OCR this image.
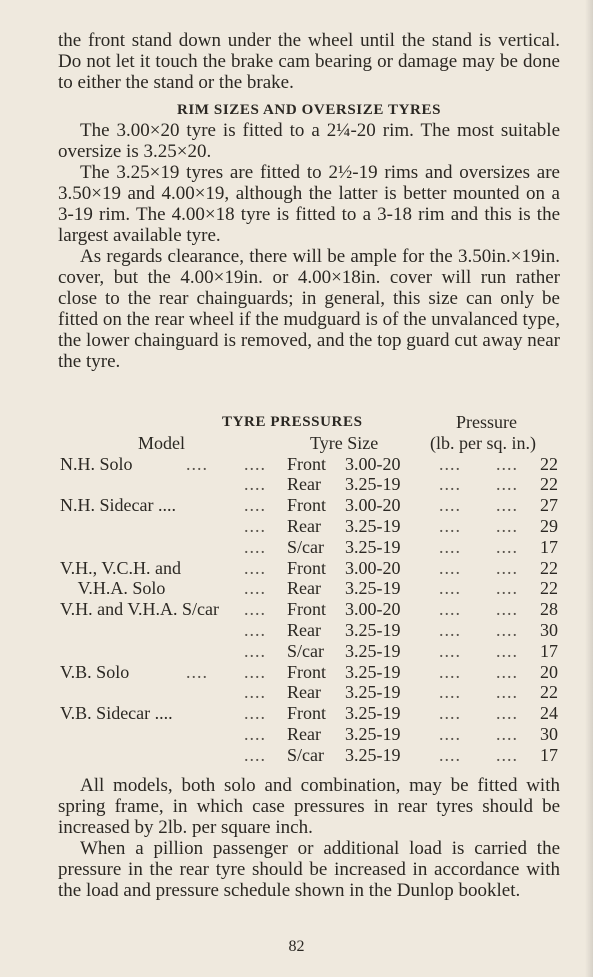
the front stand down under the wheel until the stand is vertical. Do not let it touch the brake cam bearing or damage may be done to either the stand or the brake.

RIM SIZES AND OVERSIZE TYRES

The 3.00×20 tyre is fitted to a 2¼-20 rim. The most suitable oversize is 3.25×20.

The 3.25×19 tyres are fitted to 2½-19 rims and oversizes are 3.50×19 and 4.00×19, although the latter is better mounted on a 3-19 rim. The 4.00×18 tyre is fitted to a 3-18 rim and this is the largest available tyre.

As regards clearance, there will be ample for the 3.50in.×19in. cover, but the 4.00×19in. or 4.00×18in. cover will run rather close to the rear chainguards; in general, this size can only be fitted on the rear wheel if the mudguard is of the unvalanced type, the lower chainguard is removed, and the top guard cut away near the tyre.

TYRE PRESSURES	Pressure
Model	Tyre Size	(lb. per sq. in.)
N.H. Solo	.... .... Front 3.00-20 .... .... 22
.... Rear 3.25-19 .... .... 22
N.H. Sidecar ....	.... Front 3.00-20 .... .... 27
.... Rear 3.25-19 .... .... 29
.... S/car 3.25-19 .... .... 17
V.H., V.C.H. and	.... Front 3.00-20 .... .... 22
V.H.A. Solo	.... Rear 3.25-19 .... .... 22
V.H. and V.H.A. S/car .... Front 3.00-20 .... .... 28
.... Rear 3.25-19 .... .... 30
.... S/car 3.25-19 .... .... 17
V.B. Solo	.... .... Front 3.25-19 .... .... 20
.... Rear 3.25-19 .... .... 22
V.B. Sidecar ....	.... Front 3.25-19 .... .... 24
.... Rear 3.25-19 .... .... 30
.... S/car 3.25-19 .... .... 17

All models, both solo and combination, may be fitted with spring frame, in which case pressures in rear tyres should be increased by 2lb. per square inch.

When a pillion passenger or additional load is carried the pressure in the rear tyre should be increased in accordance with the load and pressure schedule shown in the Dunlop booklet.

82
